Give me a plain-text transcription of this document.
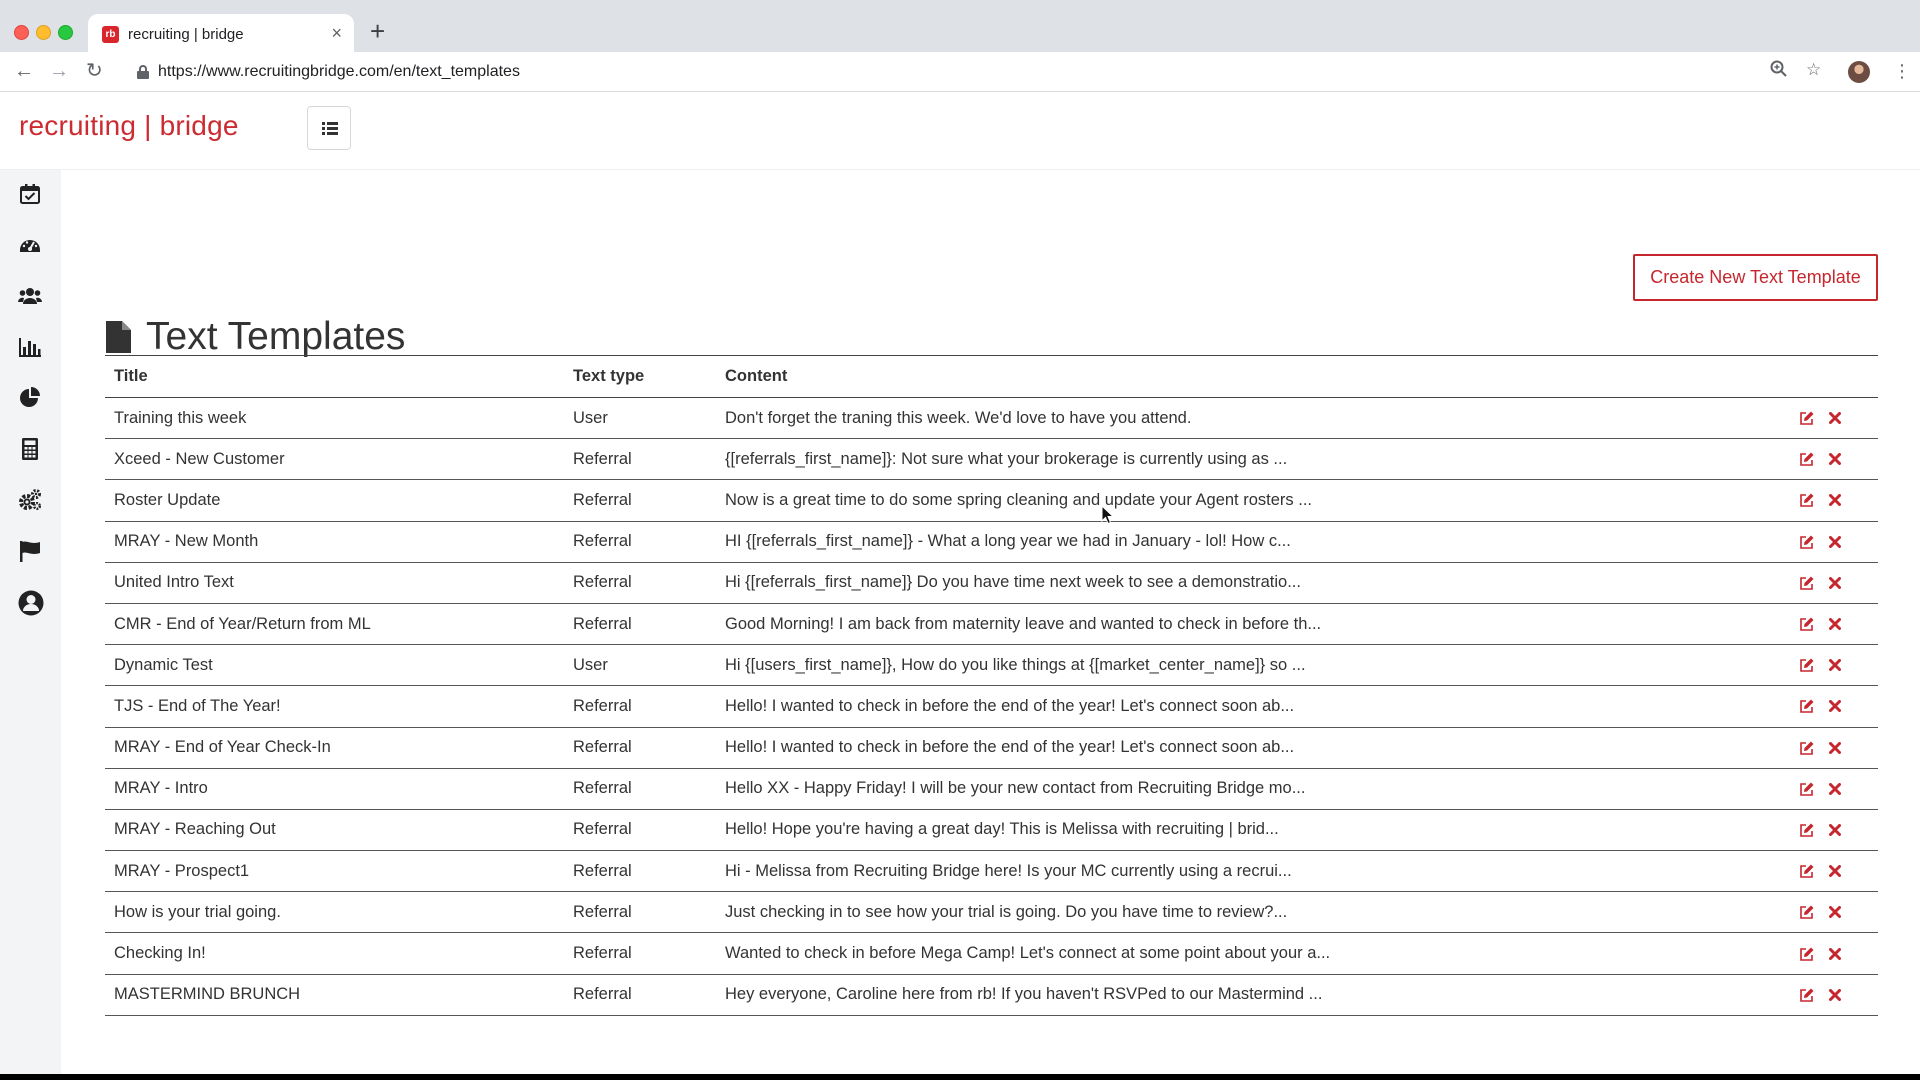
rb recruiting | bridge	× +
← → ↻	https://www.recruitingbridge.com/en/text_templates	☆	⋮
recruiting | bridge
Create New Text Template
Text Templates
Title	Text type	Content	
Training this week	User	Don't forget the traning this week. We'd love to have you attend.	

Xceed - New Customer	Referral	{[referrals_first_name]}: Not sure what your brokerage is currently using as ...	

Roster Update	Referral	Now is a great time to do some spring cleaning and update your Agent rosters ...	

MRAY - New Month	Referral	HI {[referrals_first_name]} - What a long year we had in January - lol! How c...	

United Intro Text	Referral	Hi {[referrals_first_name]} Do you have time next week to see a demonstratio...	

CMR - End of Year/Return from ML	Referral	Good Morning! I am back from maternity leave and wanted to check in before th...	

Dynamic Test	User	Hi {[users_first_name]}, How do you like things at {[market_center_name]} so ...	

TJS - End of The Year!	Referral	Hello! I wanted to check in before the end of the year! Let's connect soon ab...	

MRAY - End of Year Check-In	Referral	Hello! I wanted to check in before the end of the year! Let's connect soon ab...	

MRAY - Intro	Referral	Hello XX - Happy Friday! I will be your new contact from Recruiting Bridge mo...	

MRAY - Reaching Out	Referral	Hello! Hope you're having a great day! This is Melissa with recruiting | brid...	

MRAY - Prospect1	Referral	Hi - Melissa from Recruiting Bridge here! Is your MC currently using a recrui...	

How is your trial going.	Referral	Just checking in to see how your trial is going. Do you have time to review?...	

Checking In!	Referral	Wanted to check in before Mega Camp! Let's connect at some point about your a...	

MASTERMIND BRUNCH	Referral	Hey everyone, Caroline here from rb! If you haven't RSVPed to our Mastermind ...	
